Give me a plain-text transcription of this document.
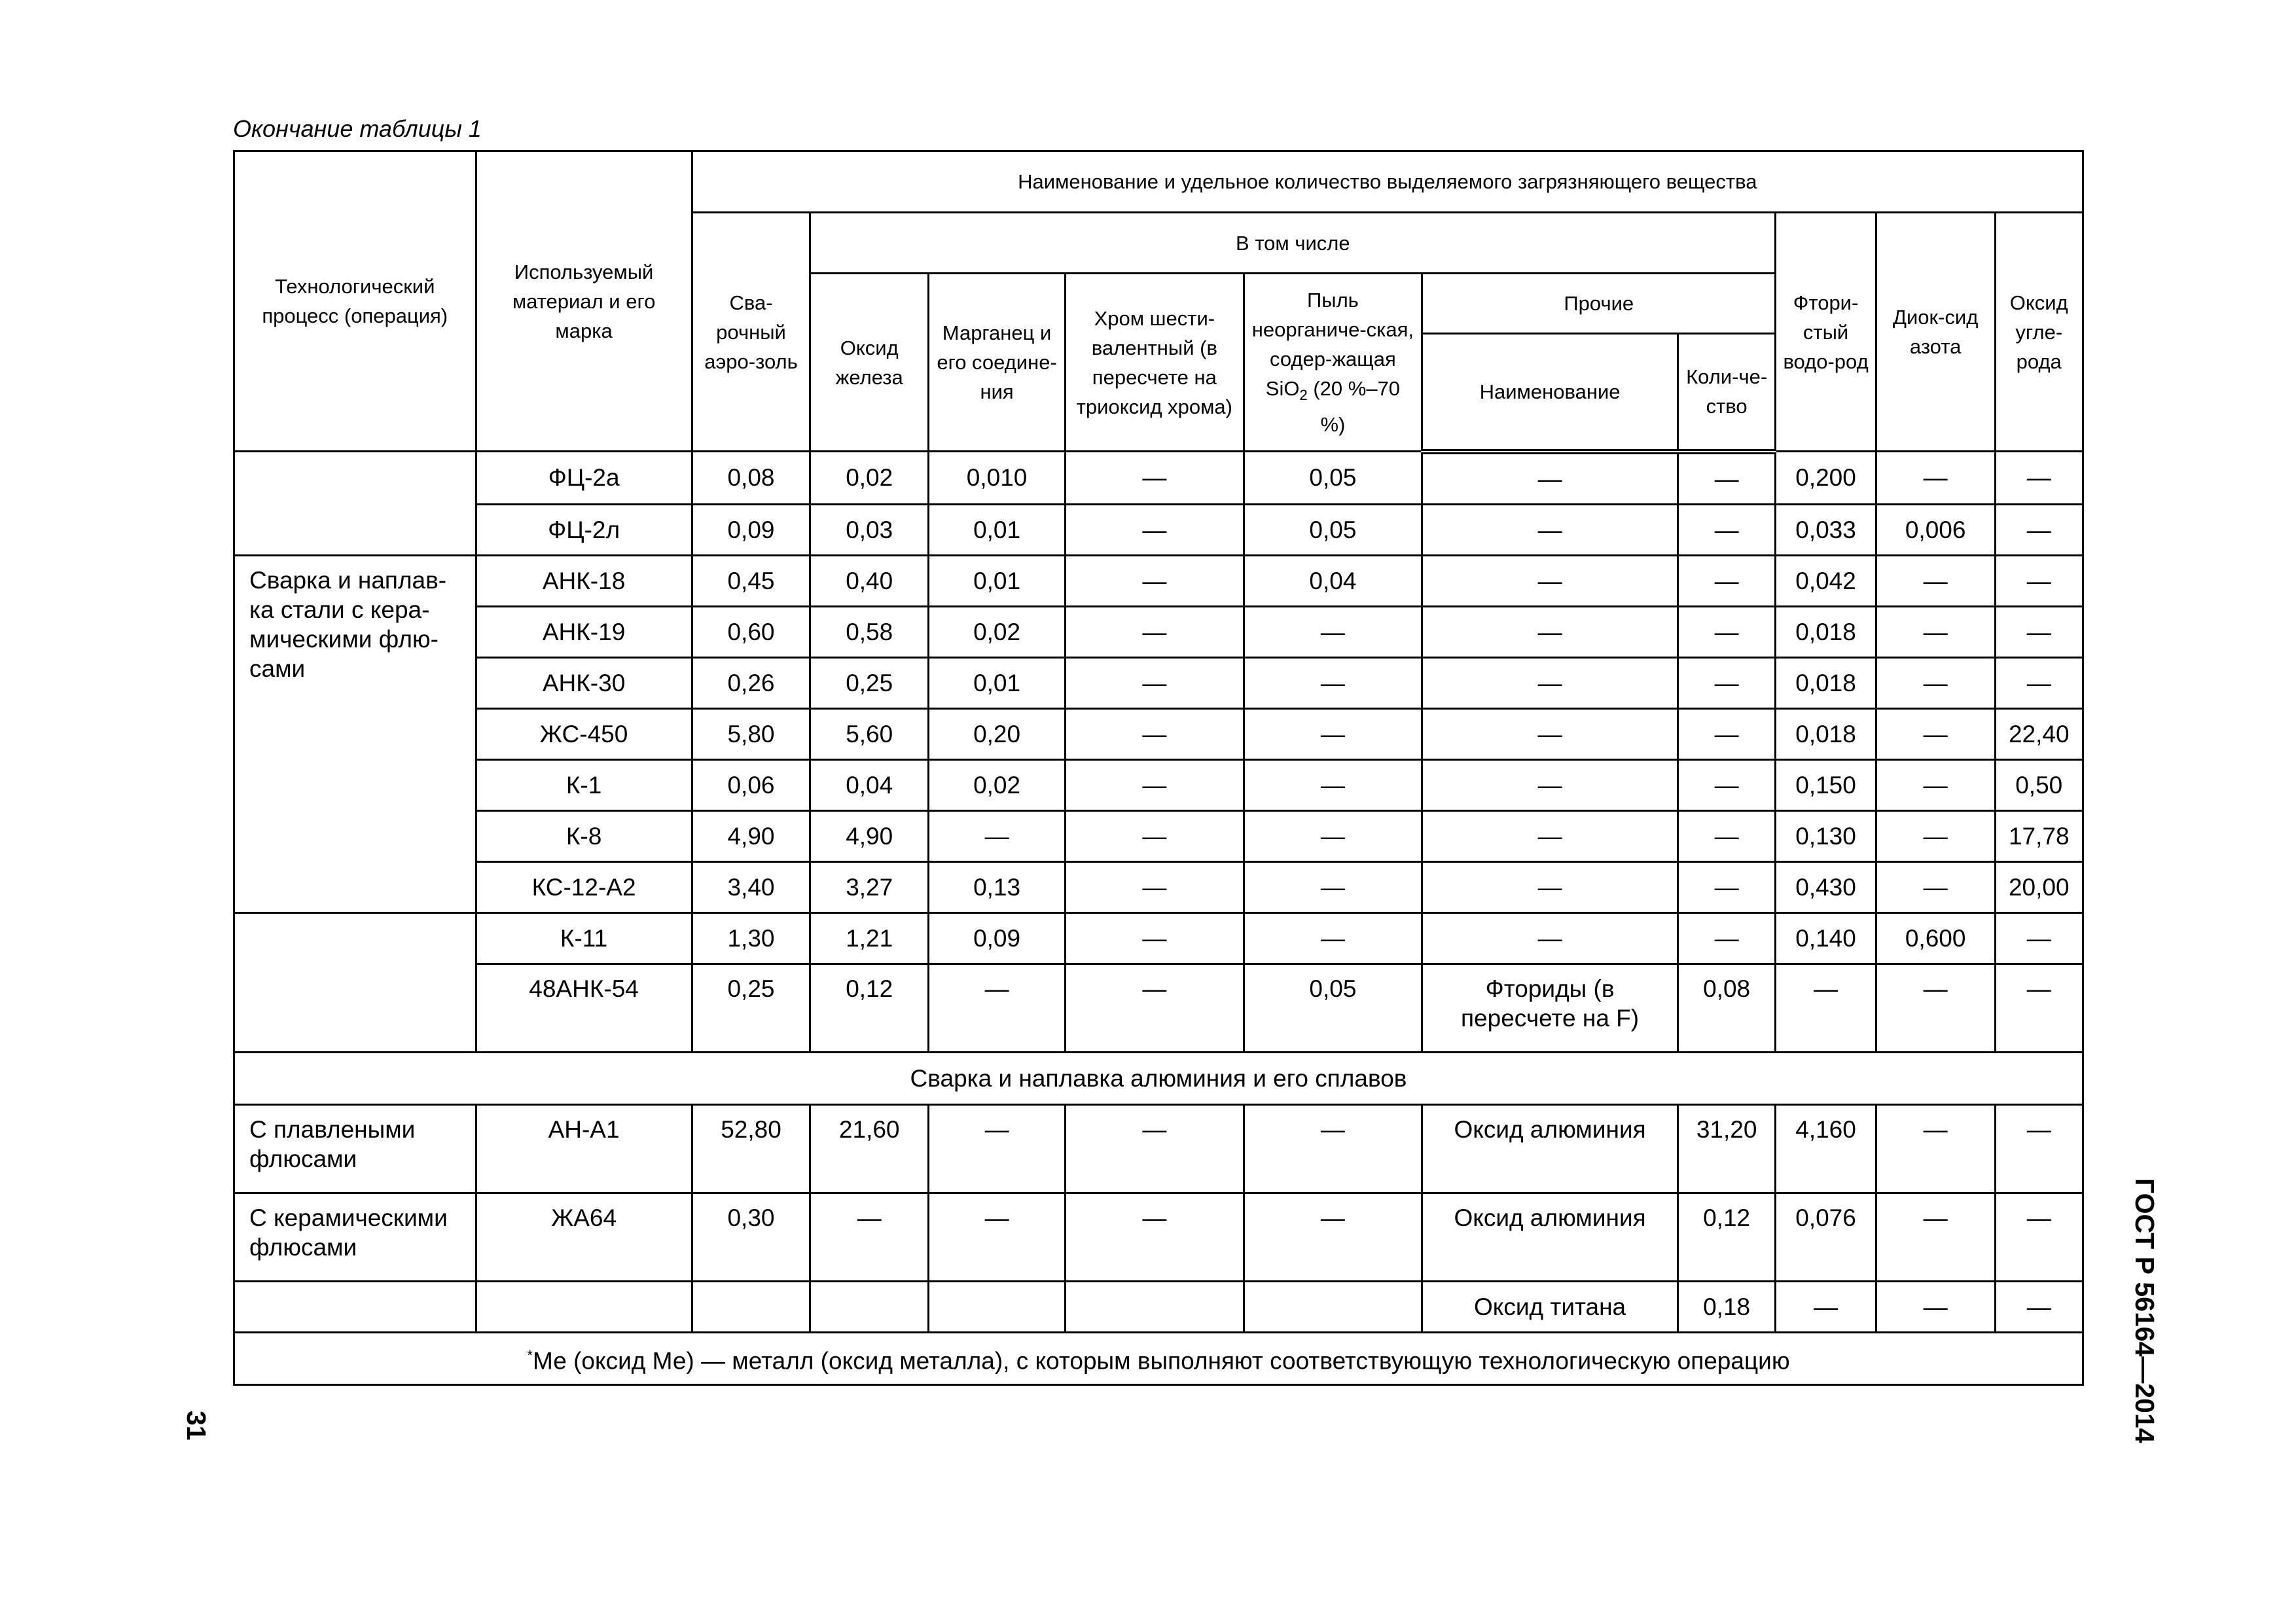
Окончание таблицы 1
Технологический процесс (операция)	Используемый материал и его марка	Наименование и удельное количество выделяемого загрязняющего вещества									
		Сва-рочный аэро-золь	В том числе						Фтори-стый водо-род	Диок-сид азота	Оксид угле-рода
			Оксид железа	Марганец и его соедине-ния	Хром шести-валентный (в пересчете на триоксид хрома)	Пыль неорганиче-ская, содер-жащая SiO$_2$ (20 %–70 %)	Прочие				
							Наименование	Коли-че-ство			
	ФЦ-2а	0,08	0,02	0,010	—	0,05	—	—	0,200	—	—
	ФЦ-2л	0,09	0,03	0,01	—	0,05	—	—	0,033	0,006	—
Сварка и наплав-ка стали с кера-мическими флю-сами	АНК-18	0,45	0,40	0,01	—	0,04	—	—	0,042	—	—
	АНК-19	0,60	0,58	0,02	—	—	—	—	0,018	—	—
	АНК-30	0,26	0,25	0,01	—	—	—	—	0,018	—	—
	ЖС-450	5,80	5,60	0,20	—	—	—	—	0,018	—	22,40
	К-1	0,06	0,04	0,02	—	—	—	—	0,150	—	0,50
	К-8	4,90	4,90	—	—	—	—	—	0,130	—	17,78
	КС-12-А2	3,40	3,27	0,13	—	—	—	—	0,430	—	20,00
	К-11	1,30	1,21	0,09	—	—	—	—	0,140	0,600	—
	48АНК-54	0,25	0,12	—	—	0,05	Фториды (в пересчете на F)	0,08	—	—	—
Сварка и наплавка алюминия и его сплавов											
С плавлеными флюсами	АН-А1	52,80	21,60	—	—	—	Оксид алюминия	31,20	4,160	—	—
С керамическими флюсами	ЖА64	0,30	—	—	—	—	Оксид алюминия	0,12	0,076	—	—
							Оксид титана	0,18	—	—	—
*Ме (оксид Ме) — металл (оксид металла), с которым выполняют соответствующую технологическую операцию												ГОСТ Р 56164—2014
31
